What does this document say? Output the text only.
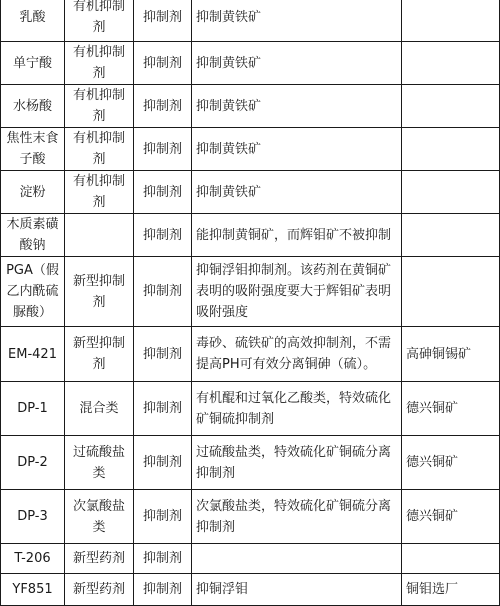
乳酸	有机抑制剂	抑制剂	抑制黄铁矿	
单宁酸	有机抑制剂	抑制剂	抑制黄铁矿	
水杨酸	有机抑制剂	抑制剂	抑制黄铁矿	
焦性末食子酸	有机抑制剂	抑制剂	抑制黄铁矿	
淀粉	有机抑制剂	抑制剂	抑制黄铁矿	
木质素磺酸钠		抑制剂	能抑制黄铜矿，而辉钼矿不被抑制	
PGA（假乙内酰硫脲酸）	新型抑制剂	抑制剂	抑铜浮钼抑制剂。该药剂在黄铜矿表明的吸附强度要大于辉钼矿表明吸附强度	
EM-421	新型抑制剂	抑制剂	毒砂、硫铁矿的高效抑制剂，不需提高PH可有效分离铜砷（硫）。	高砷铜锡矿
DP-1	混合类	抑制剂	有机醌和过氧化乙酸类，特效硫化矿铜硫抑制剂	德兴铜矿
DP-2	过硫酸盐类	抑制剂	过硫酸盐类，特效硫化矿铜硫分离抑制剂	德兴铜矿
DP-3	次氯酸盐类	抑制剂	次氯酸盐类，特效硫化矿铜硫分离抑制剂	德兴铜矿
T-206	新型药剂	抑制剂		
YF851	新型药剂	抑制剂	抑铜浮钼	铜钼选厂
